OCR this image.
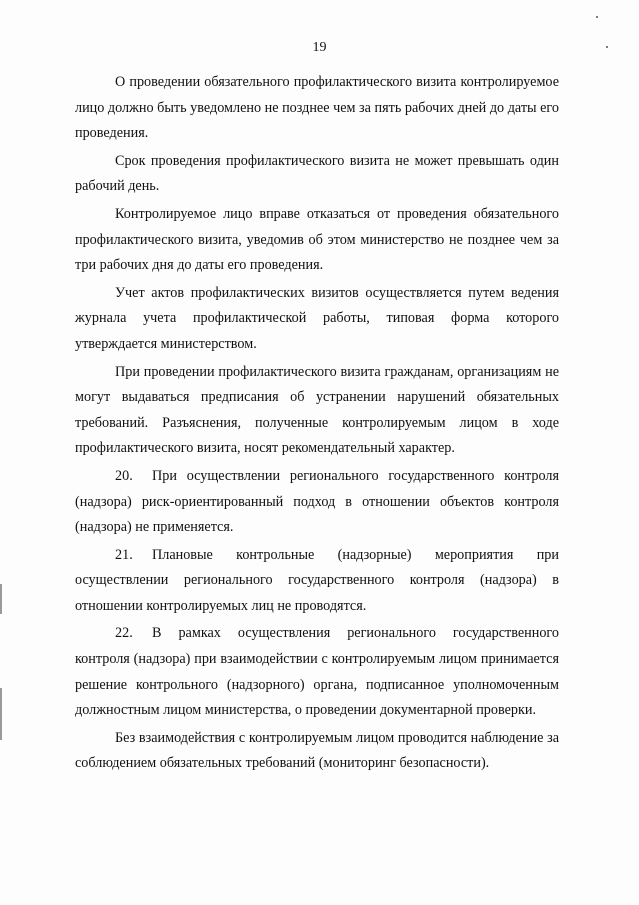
19

О проведении обязательного профилактического визита контролируемое лицо должно быть уведомлено не позднее чем за пять рабочих дней до даты его проведения.

Срок проведения профилактического визита не может превышать один рабочий день.

Контролируемое лицо вправе отказаться от проведения обязательного профилактического визита, уведомив об этом министерство не позднее чем за три рабочих дня до даты его проведения.

Учет актов профилактических визитов осуществляется путем ведения журнала учета профилактической работы, типовая форма которого утверждается министерством.

При проведении профилактического визита гражданам, организациям не могут выдаваться предписания об устранении нарушений обязательных требований. Разъяснения, полученные контролируемым лицом в ходе профилактического визита, носят рекомендательный характер.

20. При осуществлении регионального государственного контроля (надзора) риск-ориентированный подход в отношении объектов контроля (надзора) не применяется.

21. Плановые контрольные (надзорные) мероприятия при осуществлении регионального государственного контроля (надзора) в отношении контролируемых лиц не проводятся.

22. В рамках осуществления регионального государственного контроля (надзора) при взаимодействии с контролируемым лицом принимается решение контрольного (надзорного) органа, подписанное уполномоченным должностным лицом министерства, о проведении документарной проверки.

Без взаимодействия с контролируемым лицом проводится наблюдение за соблюдением обязательных требований (мониторинг безопасности).
